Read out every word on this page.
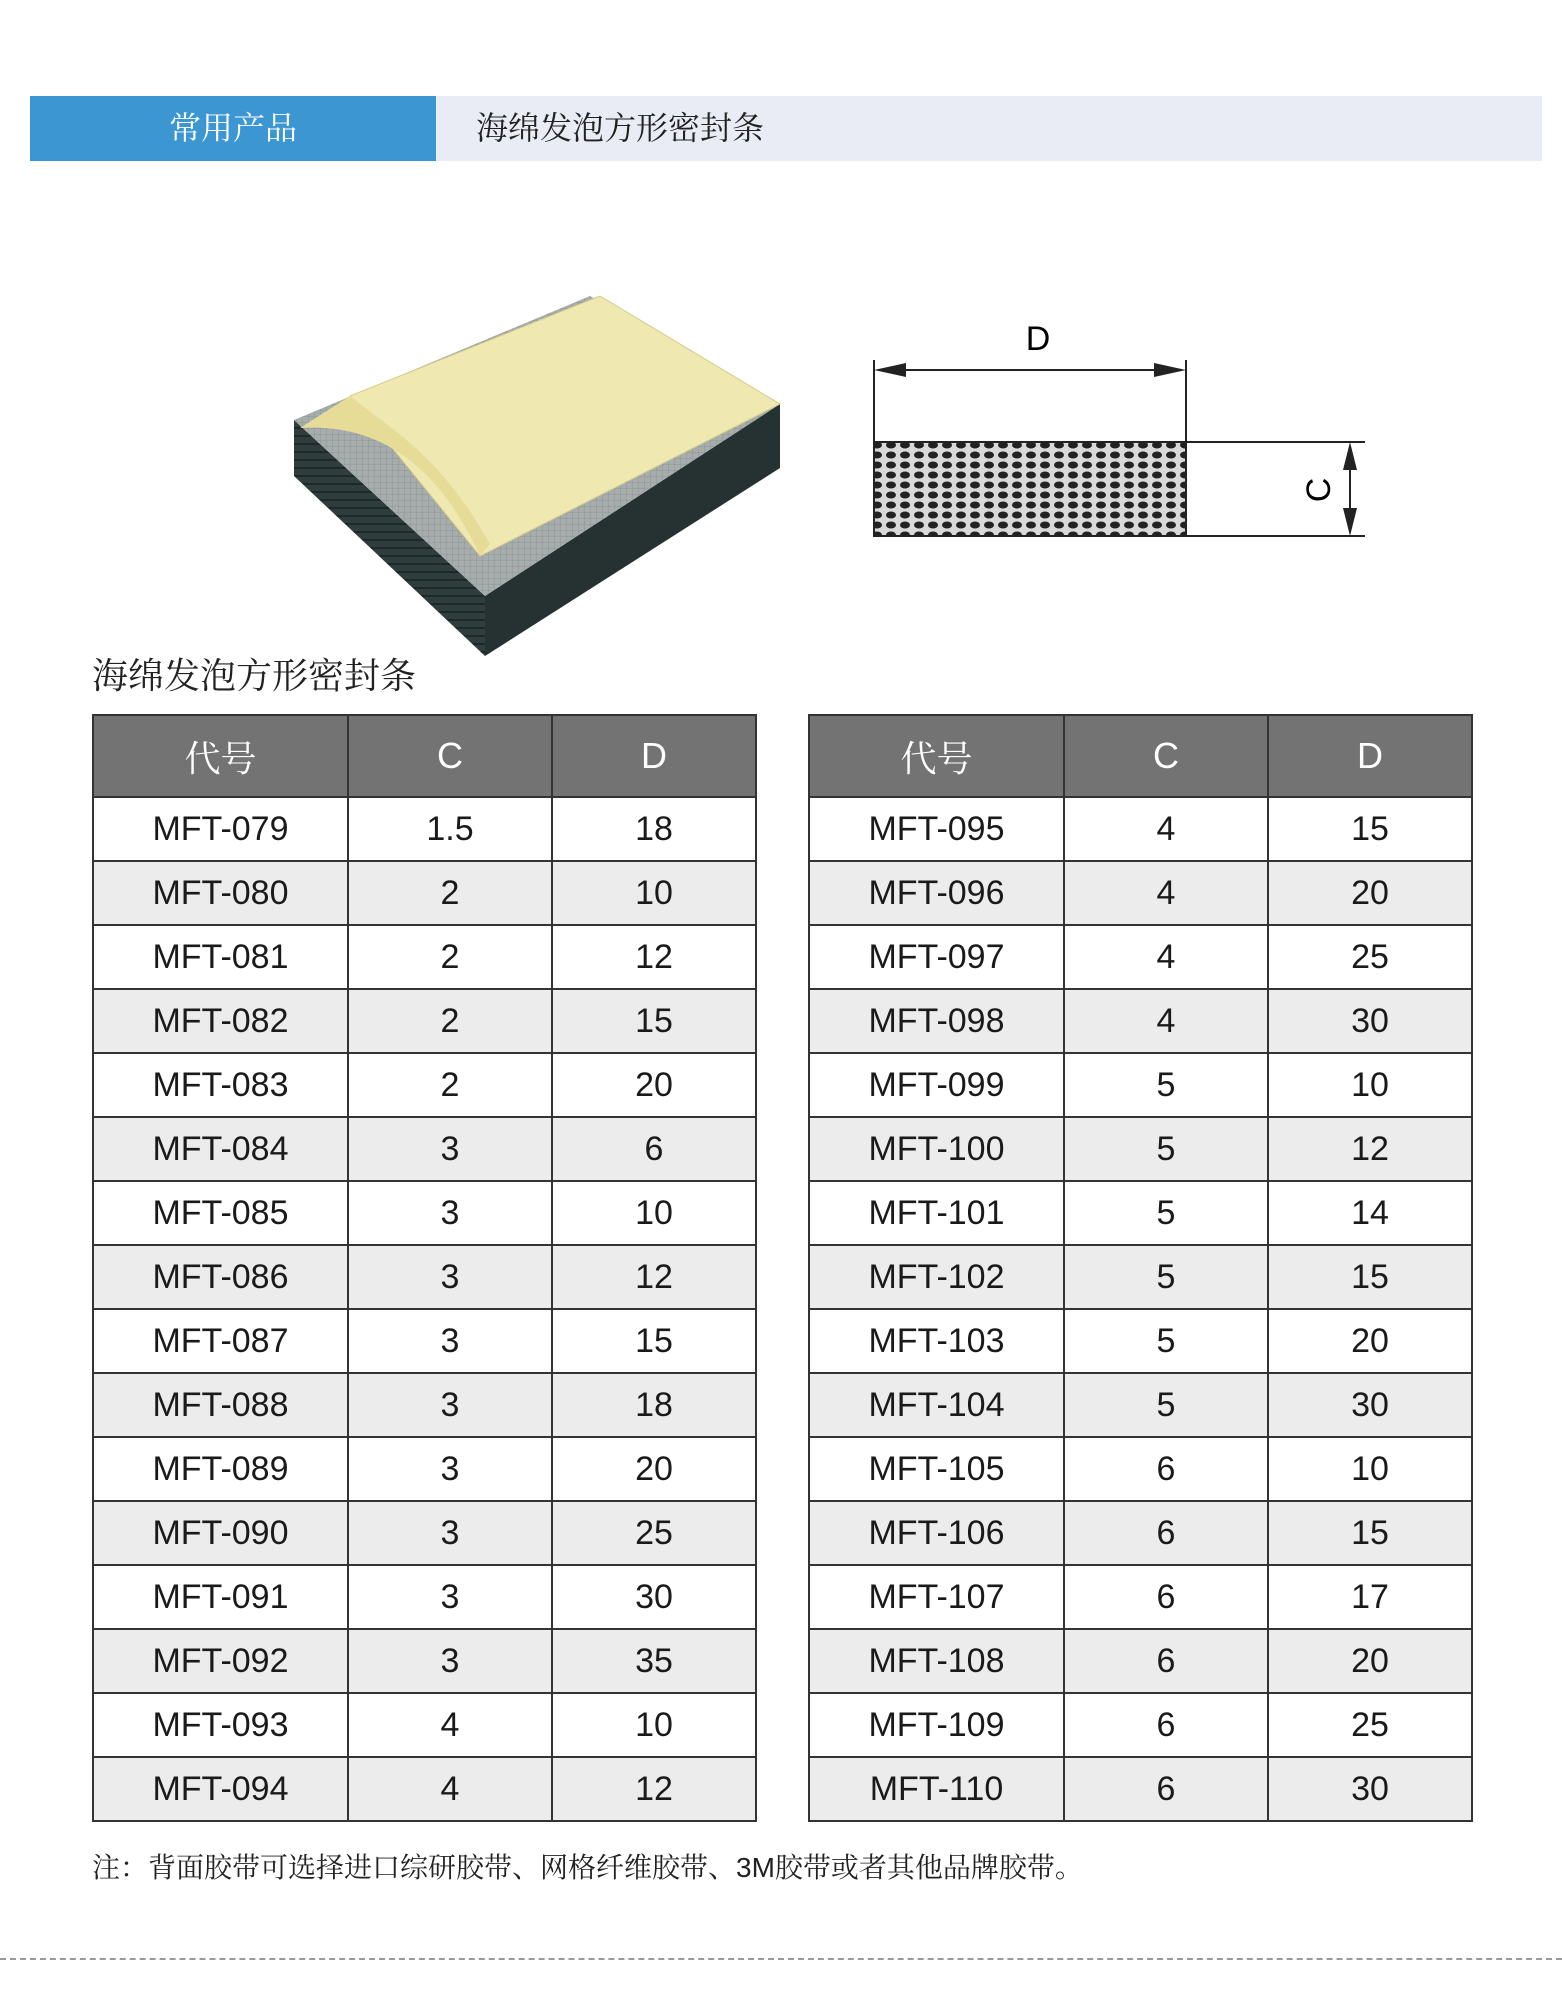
常用产品	海绵发泡方形密封条
D
C
海绵发泡方形密封条
代号	C	D
MFT-079	1.5	18
MFT-080	2	10
MFT-081	2	12
MFT-082	2	15
MFT-083	2	20
MFT-084	3	6
MFT-085	3	10
MFT-086	3	12
MFT-087	3	15
MFT-088	3	18
MFT-089	3	20
MFT-090	3	25
MFT-091	3	30
MFT-092	3	35
MFT-093	4	10
MFT-094	4	12
代号	C	D
MFT-095	4	15
MFT-096	4	20
MFT-097	4	25
MFT-098	4	30
MFT-099	5	10
MFT-100	5	12
MFT-101	5	14
MFT-102	5	15
MFT-103	5	20
MFT-104	5	30
MFT-105	6	10
MFT-106	6	15
MFT-107	6	17
MFT-108	6	20
MFT-109	6	25
MFT-110	6	30
注：背面胶带可选择进口综研胶带、网格纤维胶带、3M胶带或者其他品牌胶带。
